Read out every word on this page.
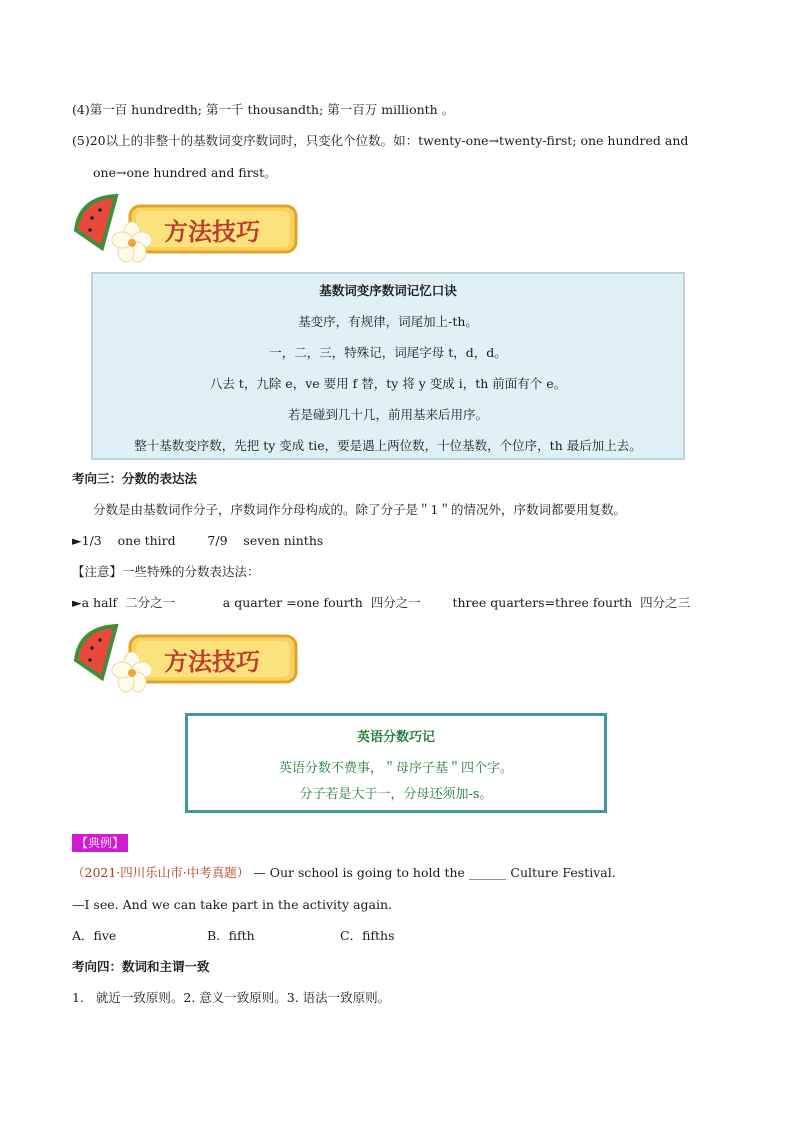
(4)第一百 hundredth; 第一千 thousandth; 第一百万 millionth 。
(5)20以上的非整十的基数词变序数词时，只变化个位数。如：twenty-one→twenty-first; one hundred and
one→one hundred and first。
方法技巧
基数词变序数词记忆口诀
基变序，有规律，词尾加上-th。
一，二，三，特殊记，词尾字母 t，d，d。
八去 t，九除 e，ve 要用 f 替，ty 将 y 变成 i，th 前面有个 e。
若是碰到几十几，前用基来后用序。
整十基数变序数，先把 ty 变成 tie，要是遇上两位数，十位基数，个位序，th 最后加上去。
考向三：分数的表达法
分数是由基数词作分子，序数词作分母构成的。除了分子是＂1＂的情况外，序数词都要用复数。
►1/3    one third        7/9    seven ninths
【注意】一些特殊的分数表达法：
►a half  二分之一            a quarter =one fourth  四分之一        three quarters=three fourth  四分之三
方法技巧
英语分数巧记
英语分数不费事，＂母序子基＂四个字。
分子若是大于一，分母还须加-s。
【典例】
（2021·四川乐山市·中考真题） — Our school is going to hold the ______ Culture Festival.
—I see. And we can take part in the activity again.
A．five	B．fifth	C．fifths
考向四：数词和主谓一致
1.   就近一致原则。2. 意义一致原则。3. 语法一致原则。
